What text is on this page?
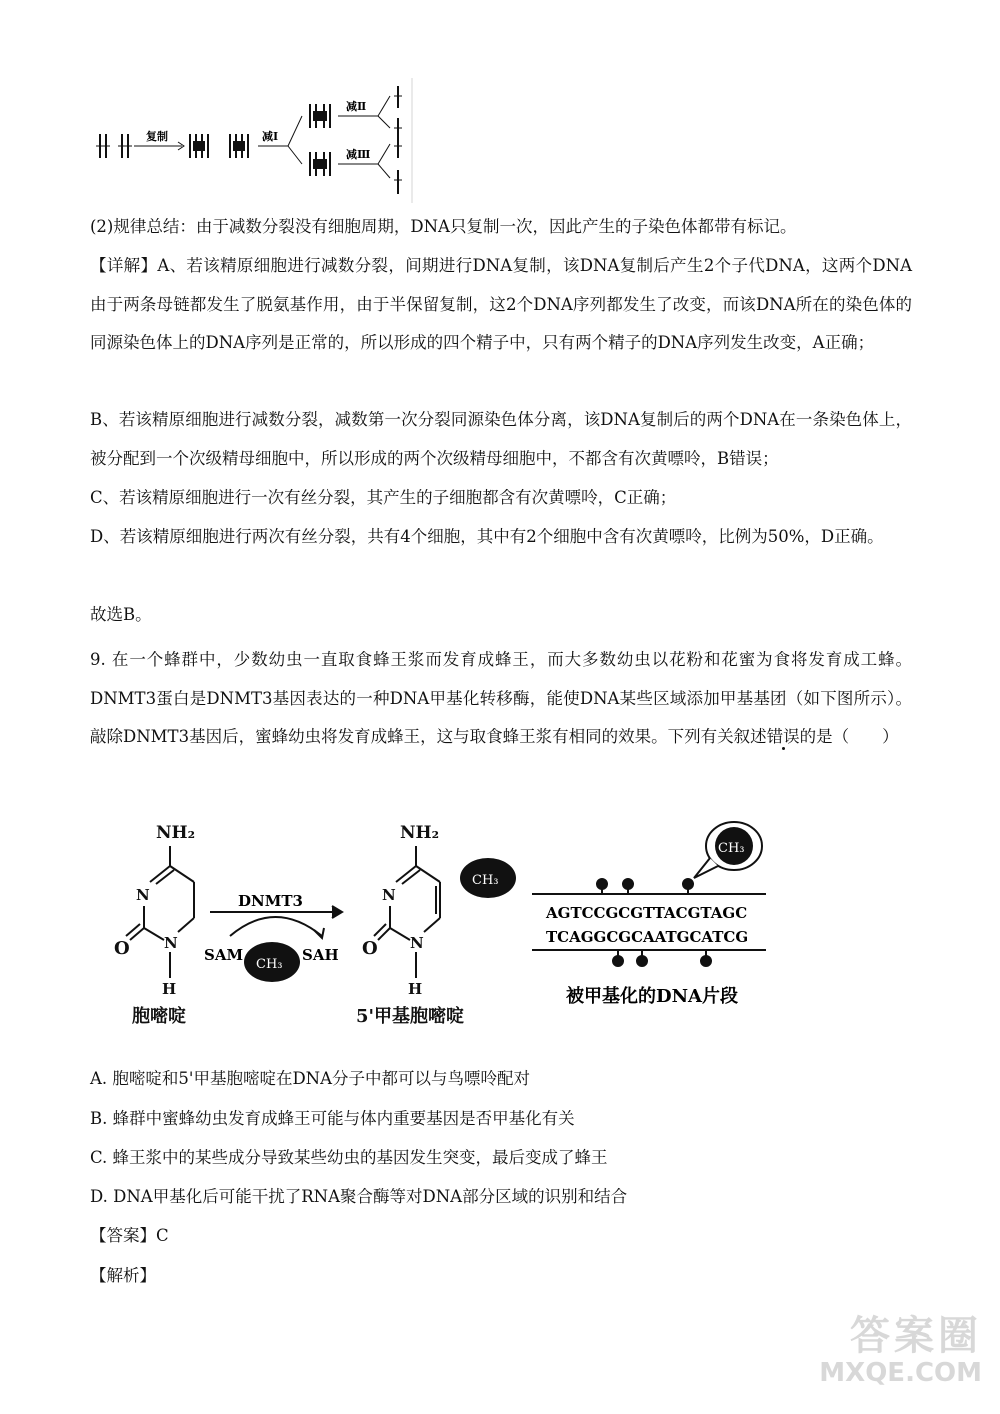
复制	减Ⅰ
减Ⅱ
减Ⅲ

(2)规律总结：由于减数分裂没有细胞周期，DNA只复制一次，因此产生的子染色体都带有标记。

【详解】A、若该精原细胞进行减数分裂，间期进行DNA复制，该DNA复制后产生2个子代DNA，这两个DNA由于两条母链都发生了脱氨基作用，由于半保留复制，这2个DNA序列都发生了改变，而该DNA所在的染色体的同源染色体上的DNA序列是正常的，所以形成的四个精子中，只有两个精子的DNA序列发生改变，A正确；

B、若该精原细胞进行减数分裂，减数第一次分裂同源染色体分离，该DNA复制后的两个DNA在一条染色体上，被分配到一个次级精母细胞中，所以形成的两个次级精母细胞中，不都含有次黄嘌呤，B错误；

C、若该精原细胞进行一次有丝分裂，其产生的子细胞都含有次黄嘌呤，C正确；

D、若该精原细胞进行两次有丝分裂，共有4个细胞，其中有2个细胞中含有次黄嘌呤，比例为50%，D正确。

故选B。

9. 在一个蜂群中，少数幼虫一直取食蜂王浆而发育成蜂王，而大多数幼虫以花粉和花蜜为食将发育成工蜂。DNMT3蛋白是DNMT3基因表达的一种DNA甲基化转移酶，能使DNA某些区域添加甲基基团（如下图所示）。敲除DNMT3基因后，蜜蜂幼虫将发育成蜂王，这与取食蜂王浆有相同的效果。下列有关叙述错误的是（　　）

NH₂
N
N
O
H
胞嘧啶
DNMT3
SAM	SAH
CH₃
NH₂
N
N
O
H
5'甲基胞嘧啶
CH₃
CH₃
AGTCCGCGTTACGTAGC
TCAGGCGCAATGCATCG
被甲基化的DNA片段
A. 胞嘧啶和5'甲基胞嘧啶在DNA分子中都可以与鸟嘌呤配对
B. 蜂群中蜜蜂幼虫发育成蜂王可能与体内重要基因是否甲基化有关
C. 蜂王浆中的某些成分导致某些幼虫的基因发生突变，最后变成了蜂王
D. DNA甲基化后可能干扰了RNA聚合酶等对DNA部分区域的识别和结合
【答案】C
【解析】
答案圈
MXQE.COM
